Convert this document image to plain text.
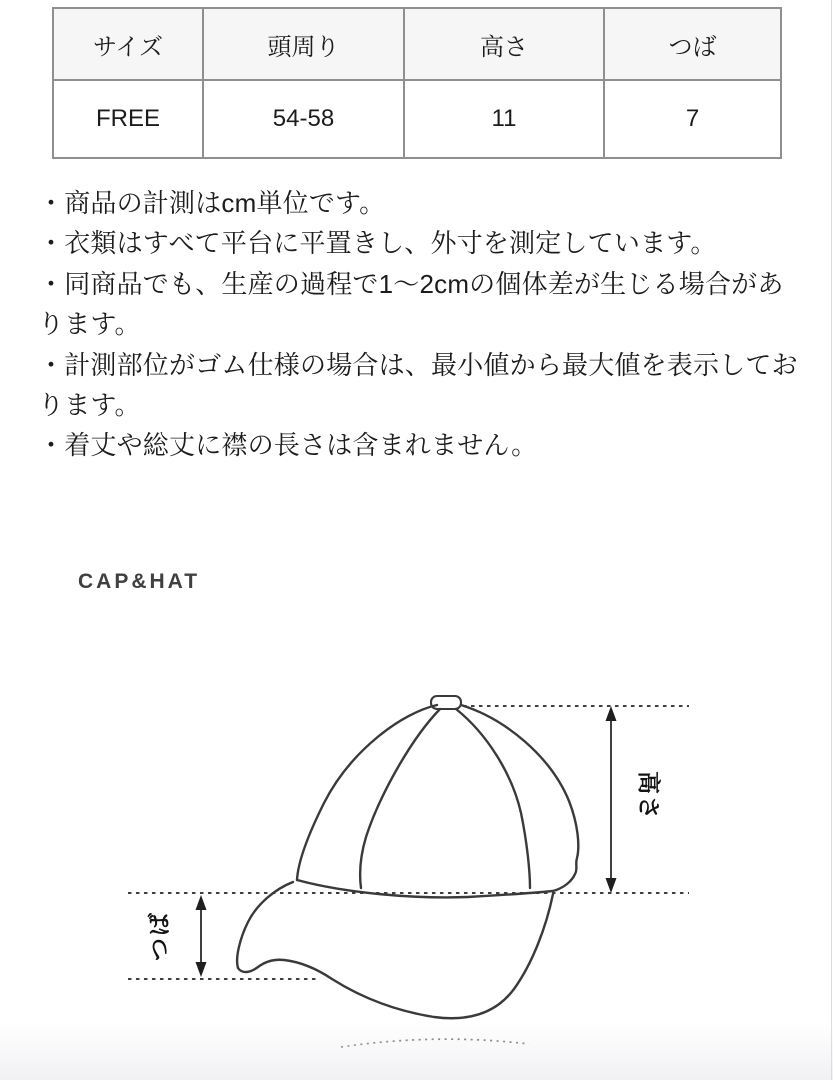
サイズ	頭周り	高さ	つば
FREE	54-58	11	7

・商品の計測はcm単位です。

・衣類はすべて平台に平置きし、外寸を測定しています。

・同商品でも、生産の過程で1〜2cmの個体差が生じる場合があります。

・計測部位がゴム仕様の場合は、最小値から最大値を表示しております。

・着丈や総丈に襟の長さは含まれません。

CAP&HAT
高さ
つば
